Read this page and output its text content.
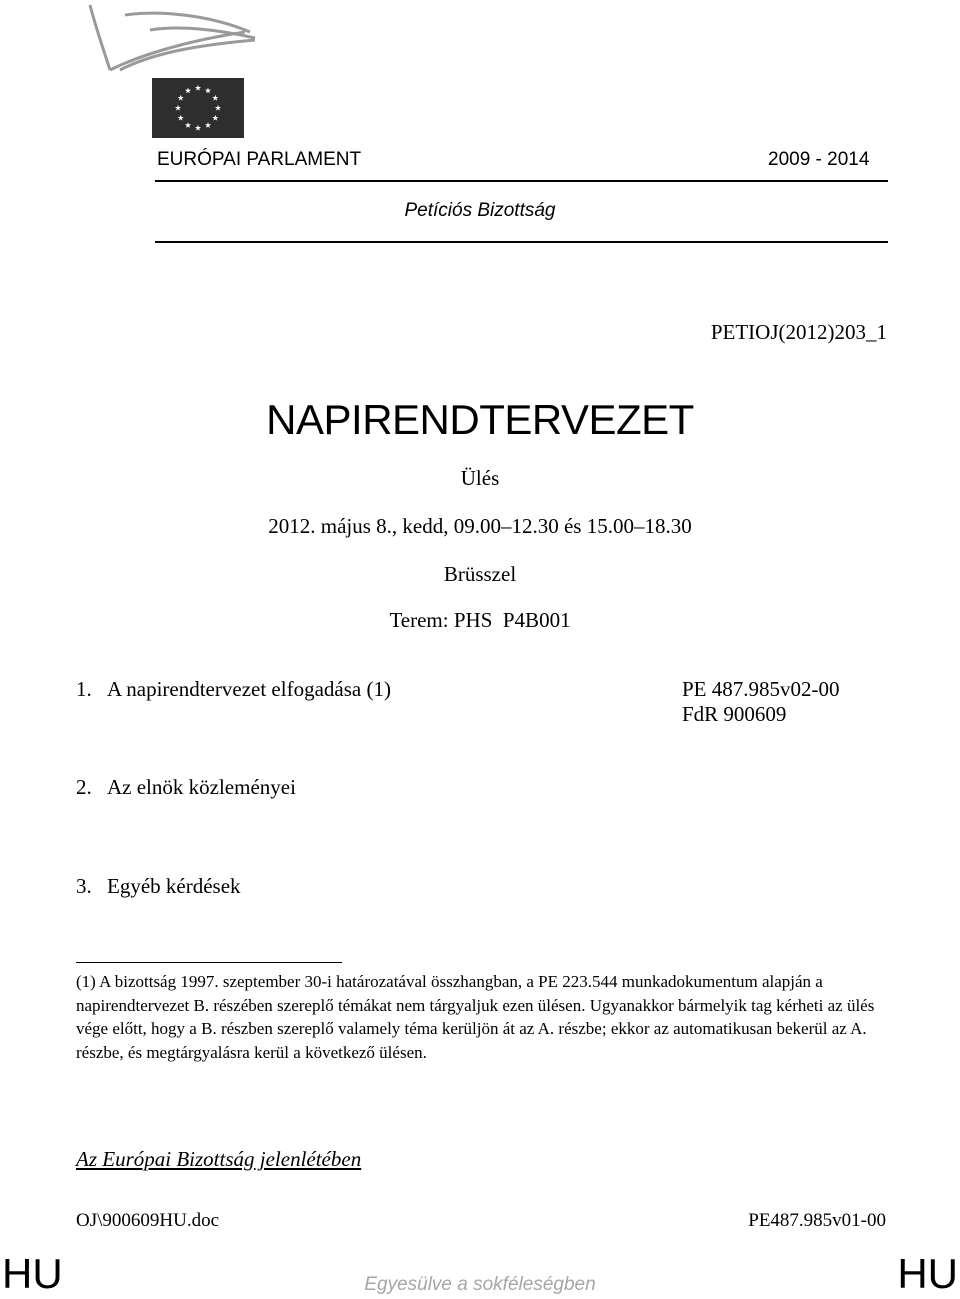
EURÓPAI PARLAMENT	2009 - 2014
Petíciós Bizottság
PETIOJ(2012)203_1
NAPIRENDTERVEZET
Ülés
2012. május 8., kedd, 09.00–12.30 és 15.00–18.30
Brüsszel
Terem: PHS  P4B001
1. A napirendtervezet elfogadása (1)	PE 487.985v02-00
FdR 900609
2. Az elnök közleményei
3. Egyéb kérdések
(1) A bizottság 1997. szeptember 30-i határozatával összhangban, a PE 223.544 munkadokumentum alapján a napirendtervezet B. részében szereplő témákat nem tárgyaljuk ezen ülésen. Ugyanakkor bármelyik tag kérheti az ülés vége előtt, hogy a B. részben szereplő valamely téma kerüljön át az A. részbe; ekkor az automatikusan bekerül az A. részbe, és megtárgyalásra kerül a következő ülésen.
Az Európai Bizottság jelenlétében
OJ\900609HU.doc	PE487.985v01-00
HU	HU
Egyesülve a sokféleségben
